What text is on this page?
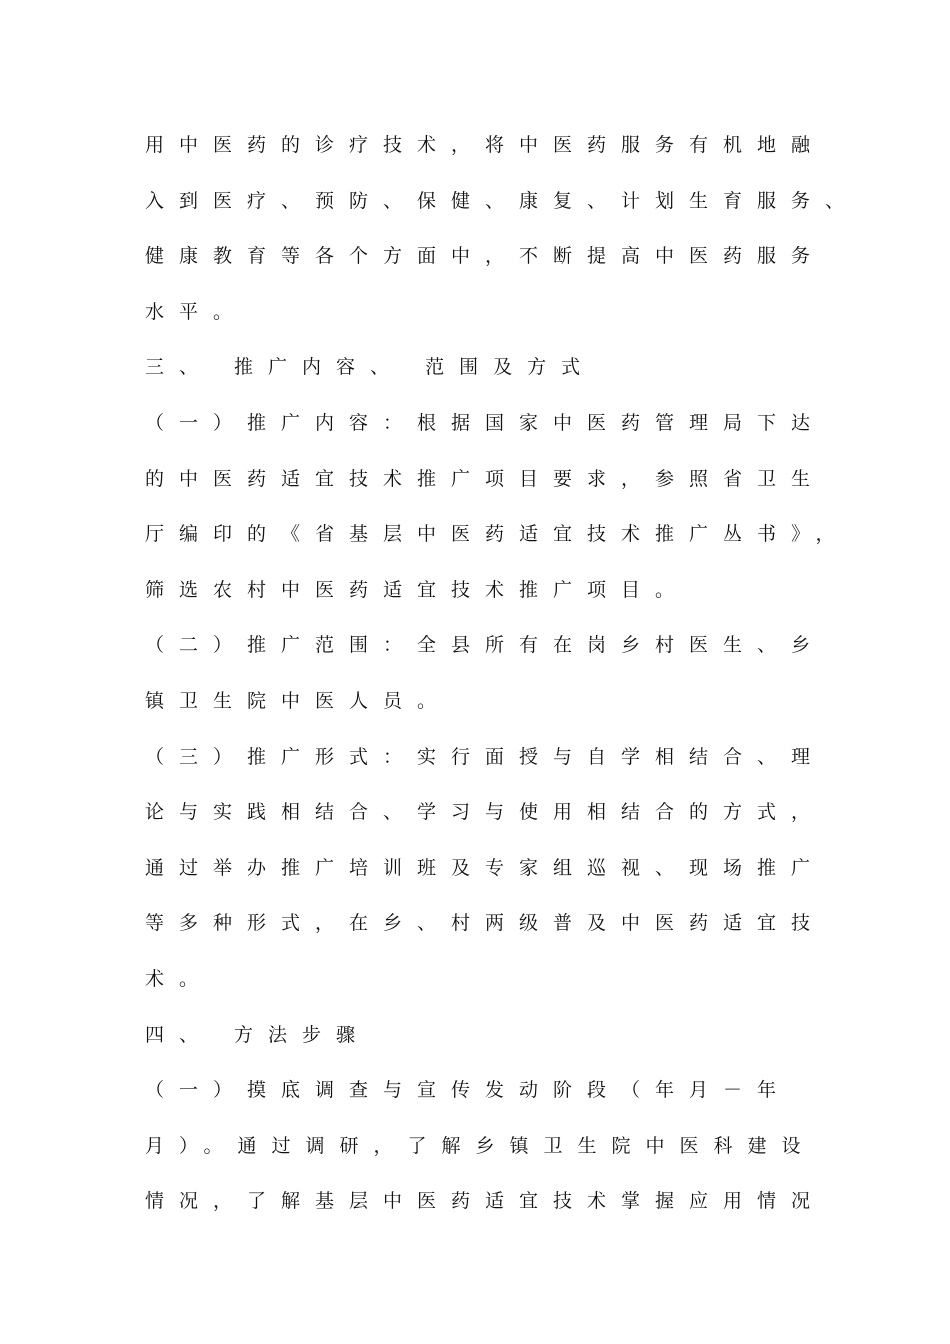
用中医药的诊疗技术，将中医药服务有机地融
入到医疗、预防、保健、康复、计划生育服务、
健康教育等各个方面中，不断提高中医药服务
水平。
三、 推广内容、 范围及方式
（一）推广内容：根据国家中医药管理局下达
的中医药适宜技术推广项目要求，参照省卫生
厅编印的《省基层中医药适宜技术推广丛书》，
筛选农村中医药适宜技术推广项目。
（二）推广范围：全县所有在岗乡村医生、乡
镇卫生院中医人员。
（三）推广形式：实行面授与自学相结合、理
论与实践相结合、学习与使用相结合的方式，
通过举办推广培训班及专家组巡视、现场推广
等多种形式，在乡、村两级普及中医药适宜技
术。
四、 方法步骤
（一）摸底调查与宣传发动阶段（年月－年
月）。通过调研，了解乡镇卫生院中医科建设
情况，了解基层中医药适宜技术掌握应用情况
